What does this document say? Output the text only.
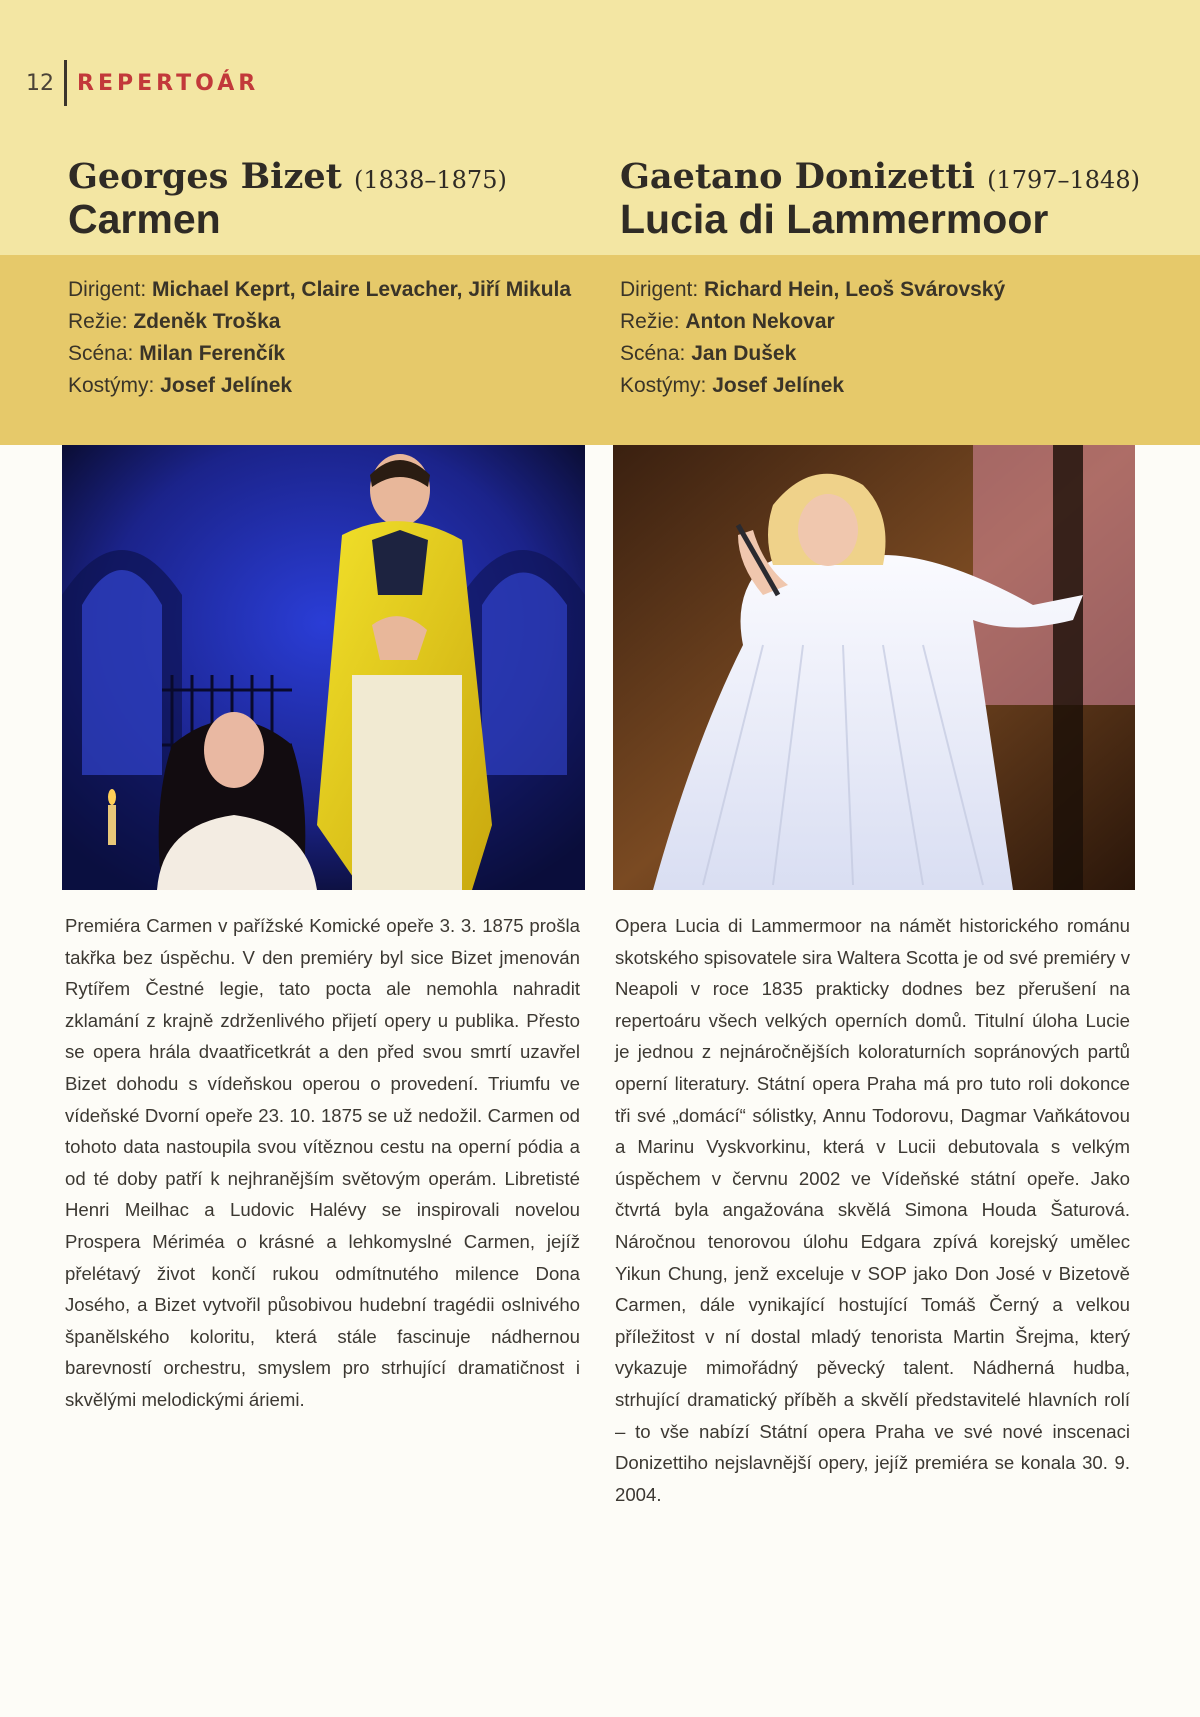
12 REPERTOÁR
Georges Bizet (1838–1875)
Carmen
Dirigent: Michael Keprt, Claire Levacher, Jiří Mikula
Režie: Zdeněk Troška
Scéna: Milan Ferenčík
Kostýmy: Josef Jelínek
Gaetano Donizetti (1797–1848)
Lucia di Lammermoor
Dirigent: Richard Hein, Leoš Svárovský
Režie: Anton Nekovar
Scéna: Jan Dušek
Kostýmy: Josef Jelínek
Premiéra Carmen v pařížské Komické opeře 3. 3. 1875 prošla takřka bez úspěchu. V den premiéry byl sice Bizet jmenován Rytířem Čestné legie, tato pocta ale nemohla nahradit zklamání z krajně zdrženlivého přijetí opery u publika. Přesto se opera hrála dvaatřicetkrát a den před svou smrtí uzavřel Bizet dohodu s vídeňskou operou o provedení. Triumfu ve vídeňské Dvorní opeře 23. 10. 1875 se už nedožil. Carmen od tohoto data nastoupila svou vítěznou cestu na operní pódia a od té doby patří k nejhranějším světovým operám. Libretisté Henri Meilhac a Ludovic Halévy se inspirovali novelou Prospera Mériméa o krásné a lehkomyslné Carmen, jejíž přelétavý život končí rukou odmítnutého milence Dona Josého, a Bizet vytvořil působivou hudební tragédii oslnivého španělského koloritu, která stále fascinuje nádhernou barevností orchestru, smyslem pro strhující dramatičnost i skvělými melodickými áriemi.
Opera Lucia di Lammermoor na námět historického románu skotského spisovatele sira Waltera Scotta je od své premiéry v Neapoli v roce 1835 prakticky dodnes bez přerušení na repertoáru všech velkých operních domů. Titulní úloha Lucie je jednou z nejnáročnějších koloraturních sopránových partů operní literatury. Státní opera Praha má pro tuto roli dokonce tři své „domácí“ sólistky, Annu Todorovu, Dagmar Vaňkátovou a Marinu Vyskvorkinu, která v Lucii debutovala s velkým úspěchem v červnu 2002 ve Vídeňské státní opeře. Jako čtvrtá byla angažována skvělá Simona Houda Šaturová. Náročnou tenorovou úlohu Edgara zpívá korejský umělec Yikun Chung, jenž exceluje v SOP jako Don José v Bizetově Carmen, dále vynikající hostující Tomáš Černý a velkou příležitost v ní dostal mladý tenorista Martin Šrejma, který vykazuje mimořádný pěvecký talent. Nádherná hudba, strhující dramatický příběh a skvělí představitelé hlavních rolí – to vše nabízí Státní opera Praha ve své nové inscenaci Donizettiho nejslavnější opery, jejíž premiéra se konala 30. 9. 2004.
